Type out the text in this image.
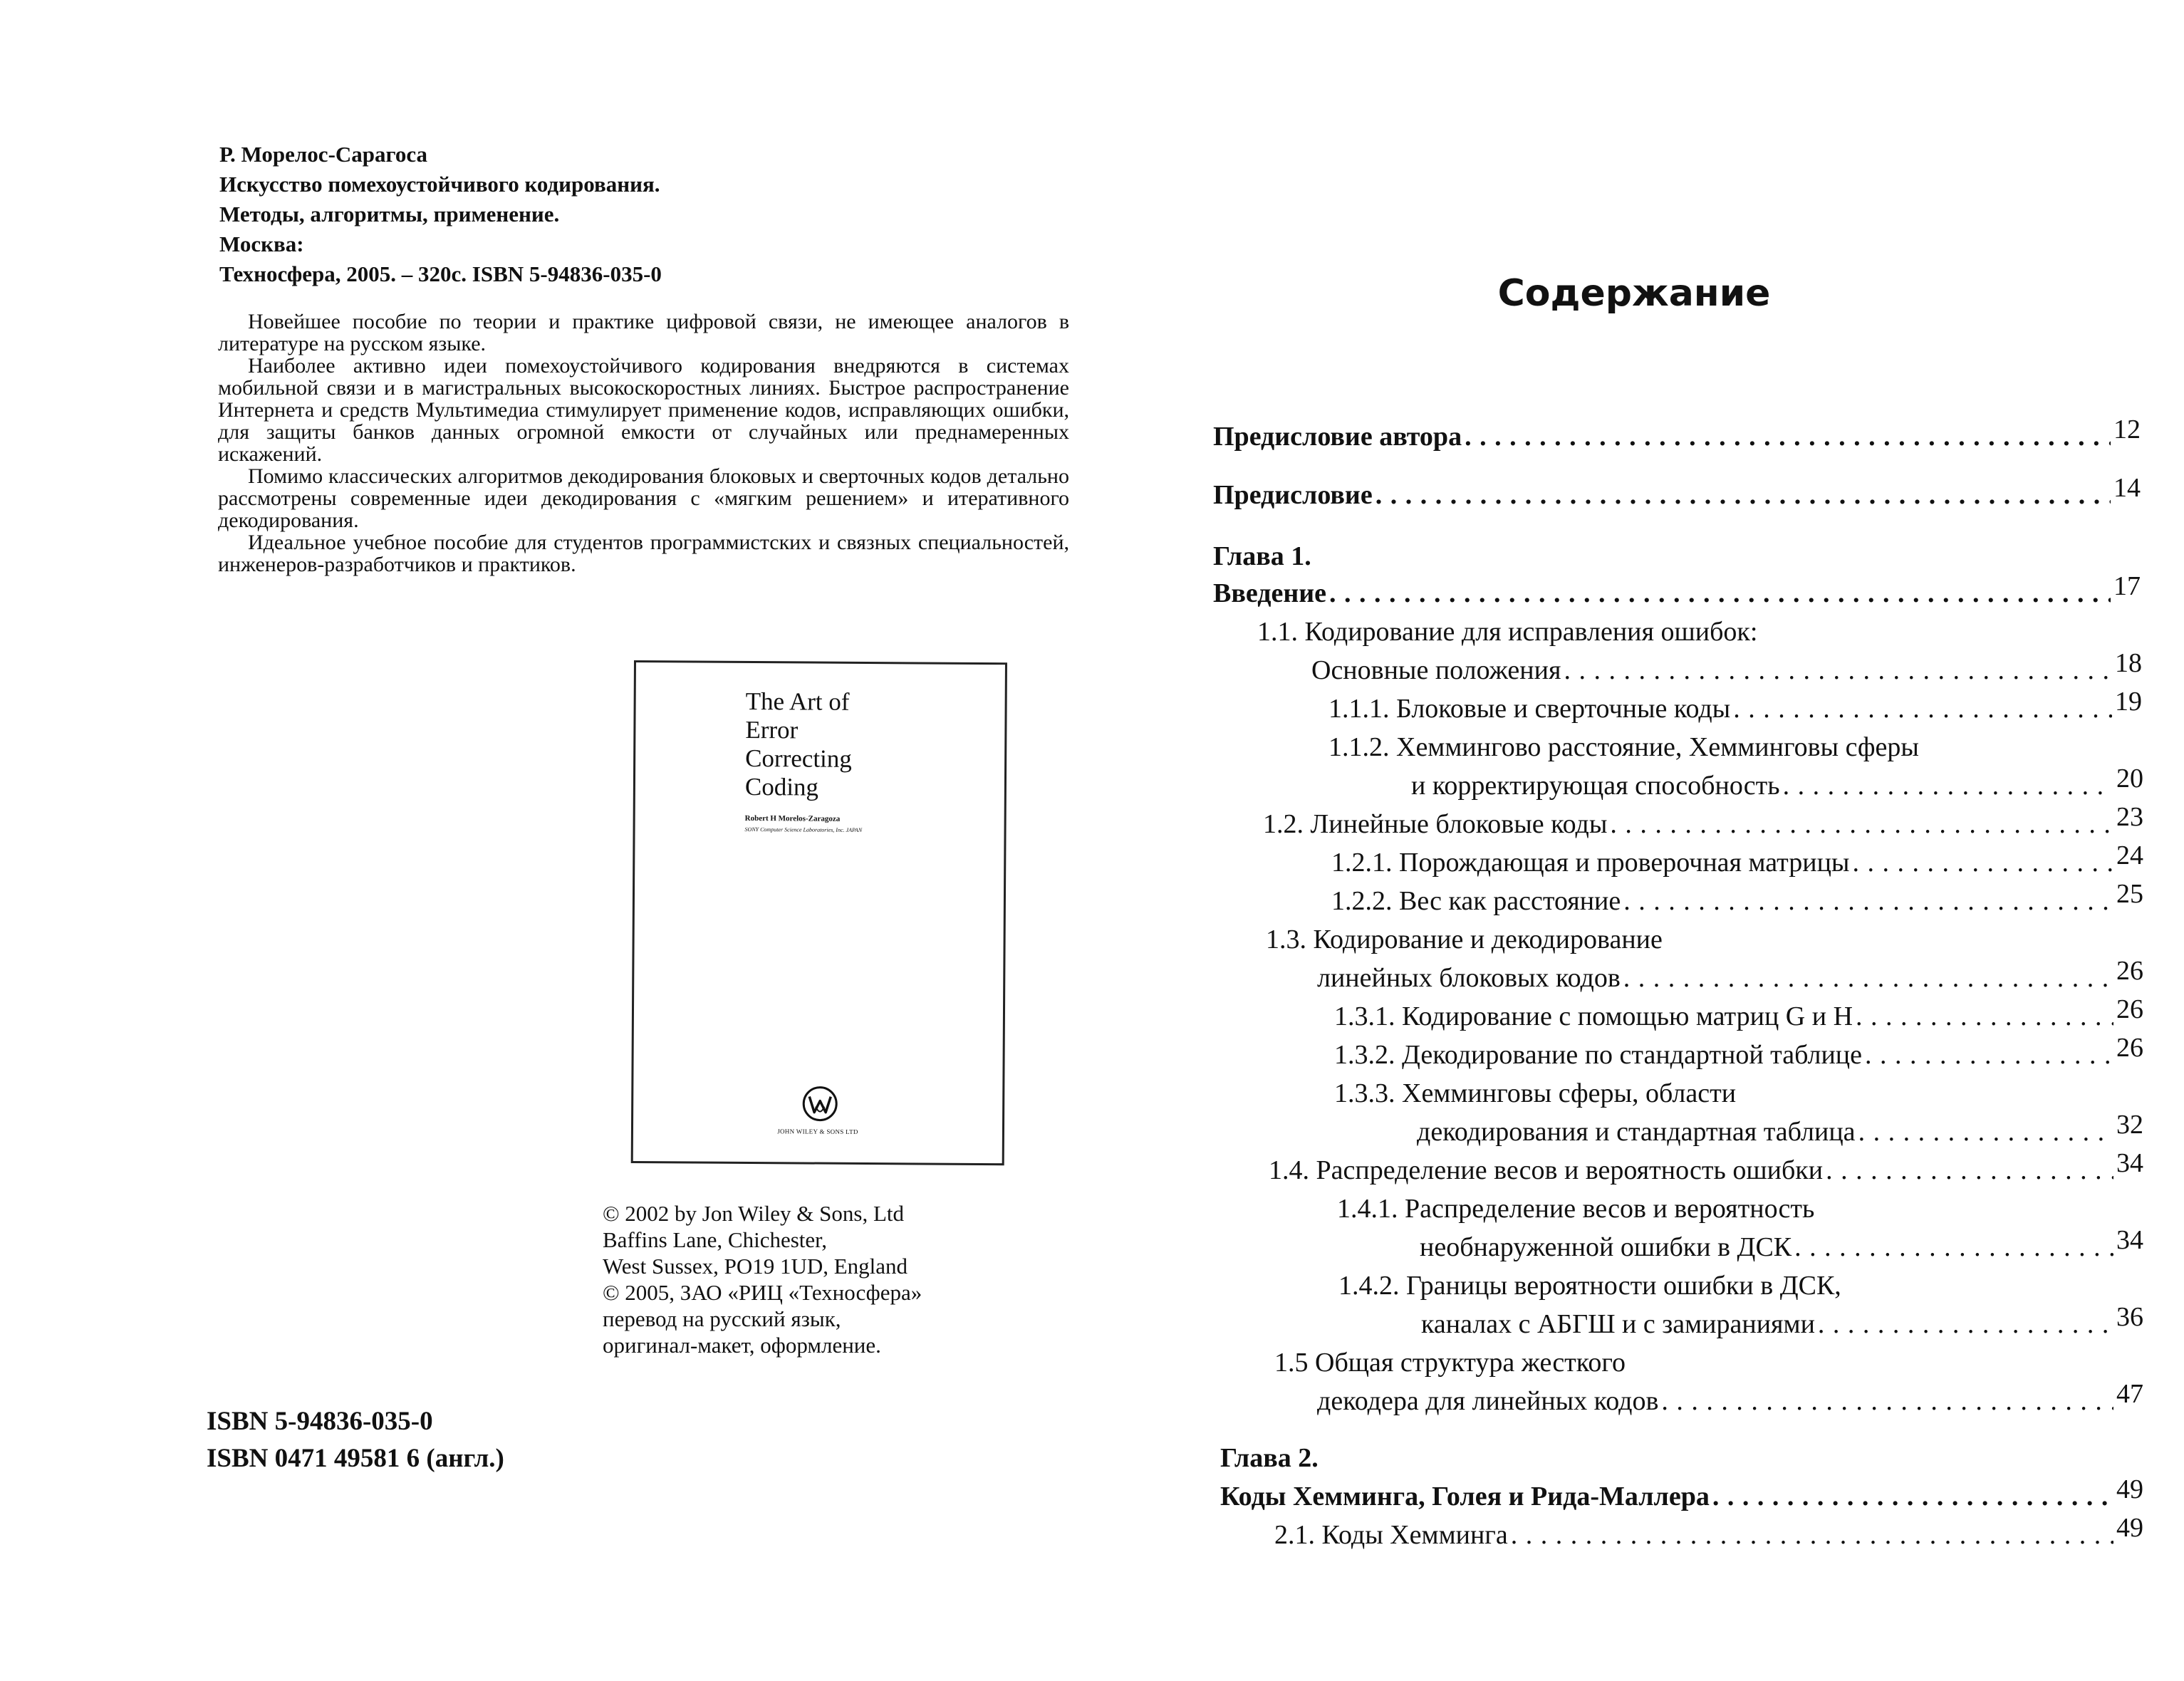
Р. Морелос-Сарагоса
Искусство помехоустойчивого кодирования.
Методы, алгоритмы, применение.
Москва:
Техносфера, 2005. – 320с. ISBN 5-94836-035-0

Новейшее пособие по теории и практике цифровой связи, не имеющее аналогов в литературе на русском языке.

Наиболее активно идеи помехоустойчивого кодирования внедряются в системах мобильной связи и в магистральных высокоскоростных линиях. Быстрое распространение Интернета и средств Мультимедиа стимулирует применение кодов, исправляющих ошибки, для защиты банков данных огромной емкости от случайных или преднамеренных искажений.

Помимо классических алгоритмов декодирования блоковых и сверточных кодов детально рассмотрены современные идеи декодирования с «мягким решением» и итеративного декодирования.

Идеальное учебное пособие для студентов программистских и связных специальностей, инженеров-разработчиков и практиков.

The Art of
Error
Correcting
Coding
Robert H Morelos-Zaragoza
SONY Computer Science Laboratories, Inc. JAPAN
JOHN WILEY & SONS LTD
© 2002 by Jon Wiley & Sons, Ltd
Baffins Lane, Chichester,
West Sussex, PO19 1UD, England
© 2005, ЗАО «РИЦ «Техносфера»
перевод на русский язык,
оригинал-макет, оформление.
ISBN 5-94836-035-0
ISBN 0471 49581 6 (англ.)
Содержание
Предисловие автора . . .	12
Предисловие . . .	14
Глава 1.
Введение . . .	17
1.1. Кодирование для исправления ошибок:
Основные положения . . .	18
1.1.1. Блоковые и сверточные коды . . .	19
1.1.2. Хеммингово расстояние, Хемминговы сферы
и корректирующая способность . . .	20
1.2. Линейные блоковые коды . . .	23
1.2.1. Порождающая и проверочная матрицы . . .	24
1.2.2. Вес как расстояние . . .	25
1.3. Кодирование и декодирование
линейных блоковых кодов . . .	26
1.3.1. Кодирование с помощью матриц G и H . . .	26
1.3.2. Декодирование по стандартной таблице . . .	26
1.3.3. Хемминговы сферы, области
декодирования и стандартная таблица . . .	32
1.4. Распределение весов и вероятность ошибки . . .	34
1.4.1. Распределение весов и вероятность
необнаруженной ошибки в ДСК . . .	34
1.4.2. Границы вероятности ошибки в ДСК,
каналах с АБГШ и с замираниями . . .	36
1.5 Общая структура жесткого
декодера для линейных кодов . . .	47
Глава 2.
Коды Хемминга, Голея и Рида-Маллера . . .	49
2.1. Коды Хемминга . . .	49
